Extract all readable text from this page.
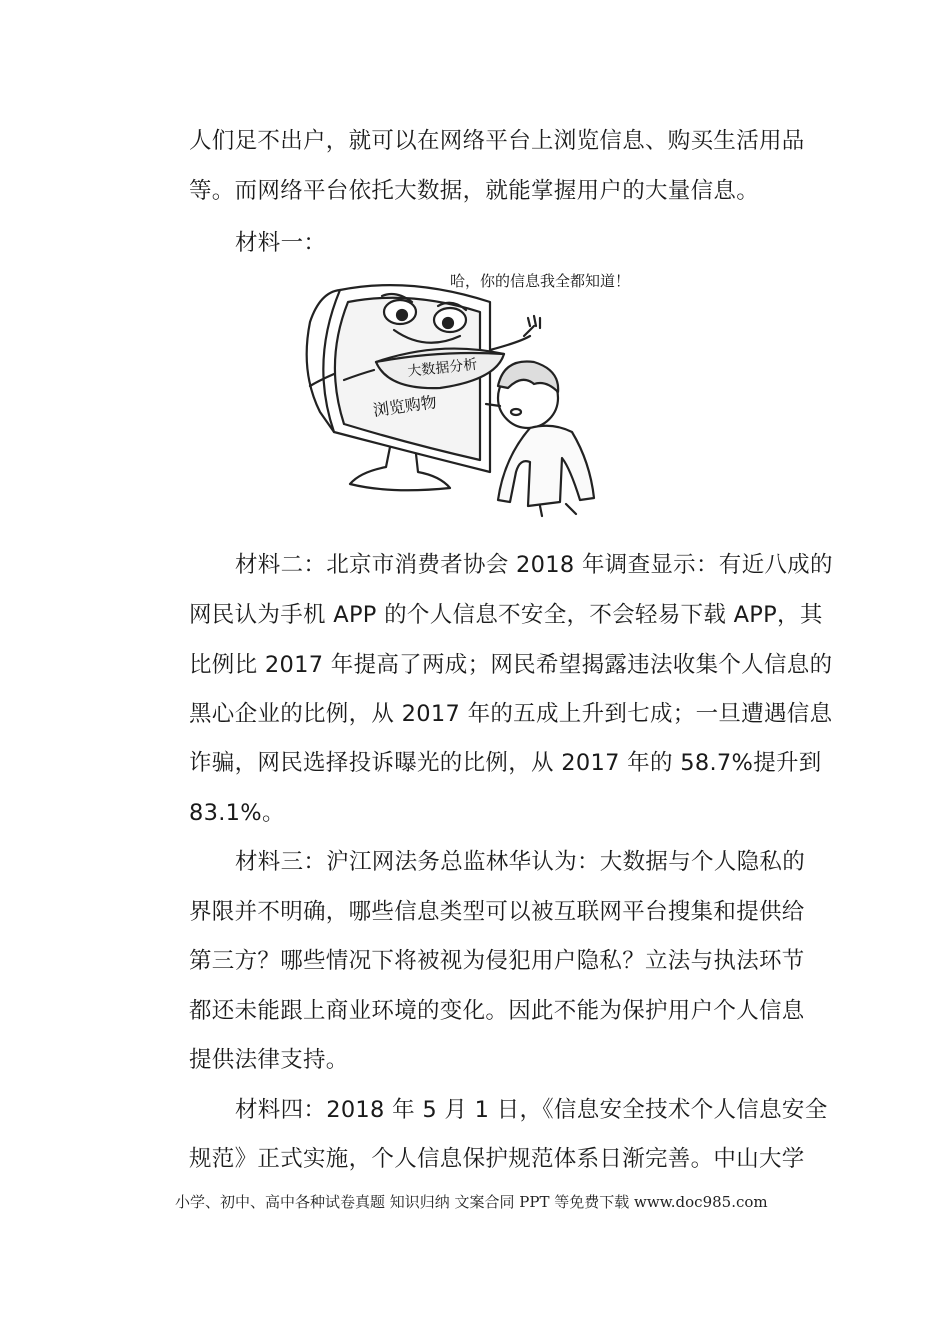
人们足不出户，就可以在网络平台上浏览信息、购买生活用品
等。而网络平台依托大数据，就能掌握用户的大量信息。
材料一：
哈，你的信息我全都知道！
大数据分析
浏览购物
材料二：北京市消费者协会 2018 年调查显示：有近八成的
网民认为手机 APP 的个人信息不安全，不会轻易下载 APP，其
比例比 2017 年提高了两成；网民希望揭露违法收集个人信息的
黑心企业的比例，从 2017 年的五成上升到七成；一旦遭遇信息
诈骗，网民选择投诉曝光的比例，从 2017 年的 58.7%提升到
83.1%。
材料三：沪江网法务总监林华认为：大数据与个人隐私的
界限并不明确，哪些信息类型可以被互联网平台搜集和提供给
第三方？哪些情况下将被视为侵犯用户隐私？立法与执法环节
都还未能跟上商业环境的变化。因此不能为保护用户个人信息
提供法律支持。
材料四：2018 年 5 月 1 日，《信息安全技术个人信息安全
规范》正式实施，个人信息保护规范体系日渐完善。中山大学
小学、初中、高中各种试卷真题 知识归纳 文案合同 PPT 等免费下载 www.doc985.com
